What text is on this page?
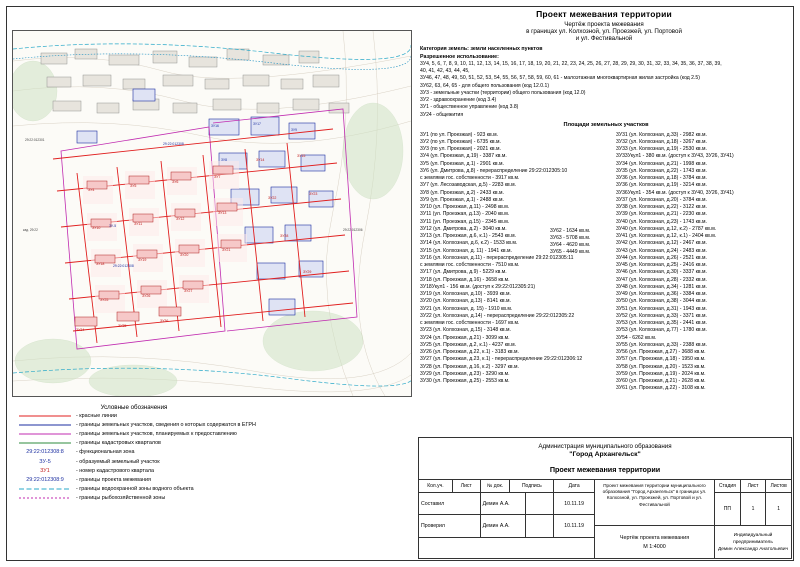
Проект межевания территории
Чертёж проекта межевания
в границах ул. Колхозной, ул. Проезжей, ул. Портовой
и ул. Фестивальной
ЗУ4
ЗУ5
ЗУ6
ЗУ7
ЗУ10
ЗУ11
ЗУ12
ЗУ13
ЗУ18
ЗУ19
ЗУ20
ЗУ21
ЗУ25
ЗУ26
ЗУ27
ЗУ34
ЗУ35
ЗУ36
ЗУ14
ЗУ15
ЗУ22
ЗУ23
ЗУ28
ЗУ29
ЗУ16	ЗУ17
ЗУ9
ЗУ8
29:22:012308
ЗУ-5
29:22:012308
кад. 29:22	29:22:012306
29:22:012301
Условные обозначения
- красные линии
- границы земельных участков, сведения о которых содержатся в ЕГРН
- границы земельных участков, планируемых к предоставлению
- границы кадастровых кварталов
29:22:012308:8	- функциональная зона
ЗУ-5	- образуемый земельный участок
3У1	- номер кадастрового квартала
29:22:012308:9	- границы проекта межевания
- границы водоохранной зоны водного объекта
- границы рыбохозяйственной зоны
Категория земель: земли населенных пунктов
Разрешенное использование:
3У4, 5, 6, 7, 8, 9, 10, 11, 12, 13, 14, 15, 16, 17, 18, 19, 20, 21, 22, 23, 24, 25, 26, 27, 28, 29, 29, 30, 31, 32, 33, 34, 35, 36, 37, 38, 39,
40, 41, 42, 43, 44, 45,
3У46, 47, 48, 49, 50, 51, 52, 53, 54, 55, 56, 57, 58, 59, 60, 61 - малоэтажная многоквартирная жилая застройка (код 2.5)
3У62, 63, 64, 65 - для общего пользования (код 12.0.1)
3У3 - земельные участки (территории) общего пользования (код 12.0)
3У2 - здравоохранение (код 3.4)
3У1 - общественное управление (код 3.8)
3У24 - общежития
Площади земельных участков
3У1 (по ул. Проезжая) - 923 кв.м.
3У2 (по ул. Проезжая) - 6735 кв.м.
3У3 (по ул. Проезжая) - 2021 кв.м.
3У4 (ул. Проезжая, д.19) - 3387 кв.м.
3У5 (ул. Проезжая, д.1) - 2901 кв.м.
3У6 (ул. Дмитрова, д.8) - перераспределение 29:22:012305:10
с землями гос. собственности - 3917 кв.м.
3У7 (ул. Лесозаводская, д.5) - 2283 кв.м.
3У8 (ул. Проезжая, д.2) - 2433 кв.м.
3У9 (ул. Проезжая, д.1) - 2488 кв.м.
3У10 (ул. Проезжая, д.11) - 2498 кв.м.
3У11 (ул. Проезжая, д.13) - 2040 кв.м.
3У11 (ул. Проезжая, д.15) - 2345 кв.м.
3У12 (ул. Дмитрова, д.2) - 3040 кв.м.
3У13 (ул. Проезжая, д.6, к.1) - 2543 кв.м.
3У14 (ул. Колхозная, д.6, к.2) - 1533 кв.м.
3У15 (ул. Колхозная, д. 11) - 1941 кв.м.
3У16 (ул. Колхозная, д.11) - перераспределение 29:22:012305:11
с землями гос. собственности - 7510 кв.м.
3У17 (ул. Дмитрова, д.9) - 5229 кв.м.
3У18 (ул. Проезжая, д.16) - 3658 кв.м.
3У18Укул1 - 156 кв.м. (доступ к 29:22:012305:21)
3У19 (ул. Колхозная, д.10) - 3939 кв.м.
3У20 (ул. Колхозная, д.13) - 8141 кв.м.
3У21 (ул. Колхозная, д. 15) - 1910 кв.м.
3У22 (ул. Колхозная, д.14) - перераспределение 29:22:012305:22
с землями гос. собственности - 1697 кв.м.
3У23 (ул. Колхозная, д.15) - 3148 кв.м.
3У24 (ул. Проезжая, д.21) - 3099 кв.м.
3У25 (ул. Проезжая, д.2, к.1) - 4237 кв.м.
3У26 (ул. Проезжая, д.22, к.1) - 3183 кв.м.
3У27 (ул. Проезжая, д.23, к.1) - перераспределение 29:22:012306:12
3У28 (ул. Проезжая, д.16, к.2) - 3297 кв.м.
3У29 (ул. Проезжая, д.23) - 3290 кв.м.
3У30 (ул. Проезжая, д.25) - 2553 кв.м.
3У62 - 1634 кв.м.
3У63 - 5708 кв.м.
3У64 - 4620 кв.м.
3У65 - 4449 кв.м.
3У31 (ул. Колхозная, д.33) - 2982 кв.м.
3У32 (ул. Колхозная, д.18) - 3267 кв.м.
3У33 (ул. Колхозная, д.19) - 2530 кв.м.
3У33Укул1 - 380 кв.м. (доступ к 3У43, 3У26, 3У41)
3У34 (ул. Колхозная, д.21) - 1998 кв.м.
3У35 (ул. Колхозная, д.22) - 1743 кв.м.
3У36 (ул. Колхозная, д.18) - 3784 кв.м.
3У36 (ул. Колхозная, д.19) - 3214 кв.м.
3У36Укул1 - 354 кв.м. (доступ к 3У40, 3У26, 3У41)
3У37 (ул. Колхозная, д.20) - 3784 кв.м.
3У38 (ул. Колхозная, д.22) - 3122 кв.м.
3У39 (ул. Колхозная, д.21) - 2230 кв.м.
3У40 (ул. Колхозная, д.23) - 1743 кв.м.
3У40 (ул. Колхозная, д.12, к.2) - 2787 кв.м.
3У41 (ул. Колхозная, д.12, к.1) - 2404 кв.м.
3У42 (ул. Колхозная, д.12) - 2467 кв.м.
3У43 (ул. Колхозная, д.24) - 2483 кв.м.
3У44 (ул. Колхозная, д.26) - 2521 кв.м.
3У45 (ул. Колхозная, д.25) - 2416 кв.м.
3У46 (ул. Колхозная, д.30) - 3337 кв.м.
3У47 (ул. Колхозная, д.28) - 2332 кв.м.
3У48 (ул. Колхозная, д.34) - 1281 кв.м.
3У49 (ул. Колхозная, д.36) - 3384 кв.м.
3У50 (ул. Колхозная, д.38) - 3044 кв.м.
3У51 (ул. Колхозная, д.31) - 1943 кв.м.
3У52 (ул. Колхозная, д.33) - 3371 кв.м.
3У53 (ул. Колхозная, д.35) - 2441 кв.м.
3У53 (ул. Колхозная, д.77) - 1780 кв.м.
3У54 - 6262 кв.м.
3У55 (ул. Колхозная, д.33) - 2388 кв.м.
3У56 (ул. Проезжая, д.27) - 3688 кв.м.
3У57 (ул. Проезжая, д.18) - 1950 кв.м.
3У58 (ул. Проезжая, д.20) - 1523 кв.м.
3У59 (ул. Проезжая, д.19) - 2024 кв.м.
3У60 (ул. Проезжая, д.21) - 2628 кв.м.
3У61 (ул. Проезжая, д.22) - 3108 кв.м.
Администрация муниципального образования
"Город Архангельск"
Проект межевания территории
Кол.уч.	Лист	№ док.	Подпись	Дата
Составил	Демин А.А.	10.11.19
Проверил	Демин А.А.	10.11.19
Проект межевания территории муниципального образования "Город Архангельск" в границах ул. Колхозной, ул. Проезжей, ул. Портовой и ул. Фестивальной
Стадия	Лист	Листов
ПП	1	1
Чертёж проекта межевания
М 1:4000
Индивидуальный предприниматель
Демин Александр Анатольевич
